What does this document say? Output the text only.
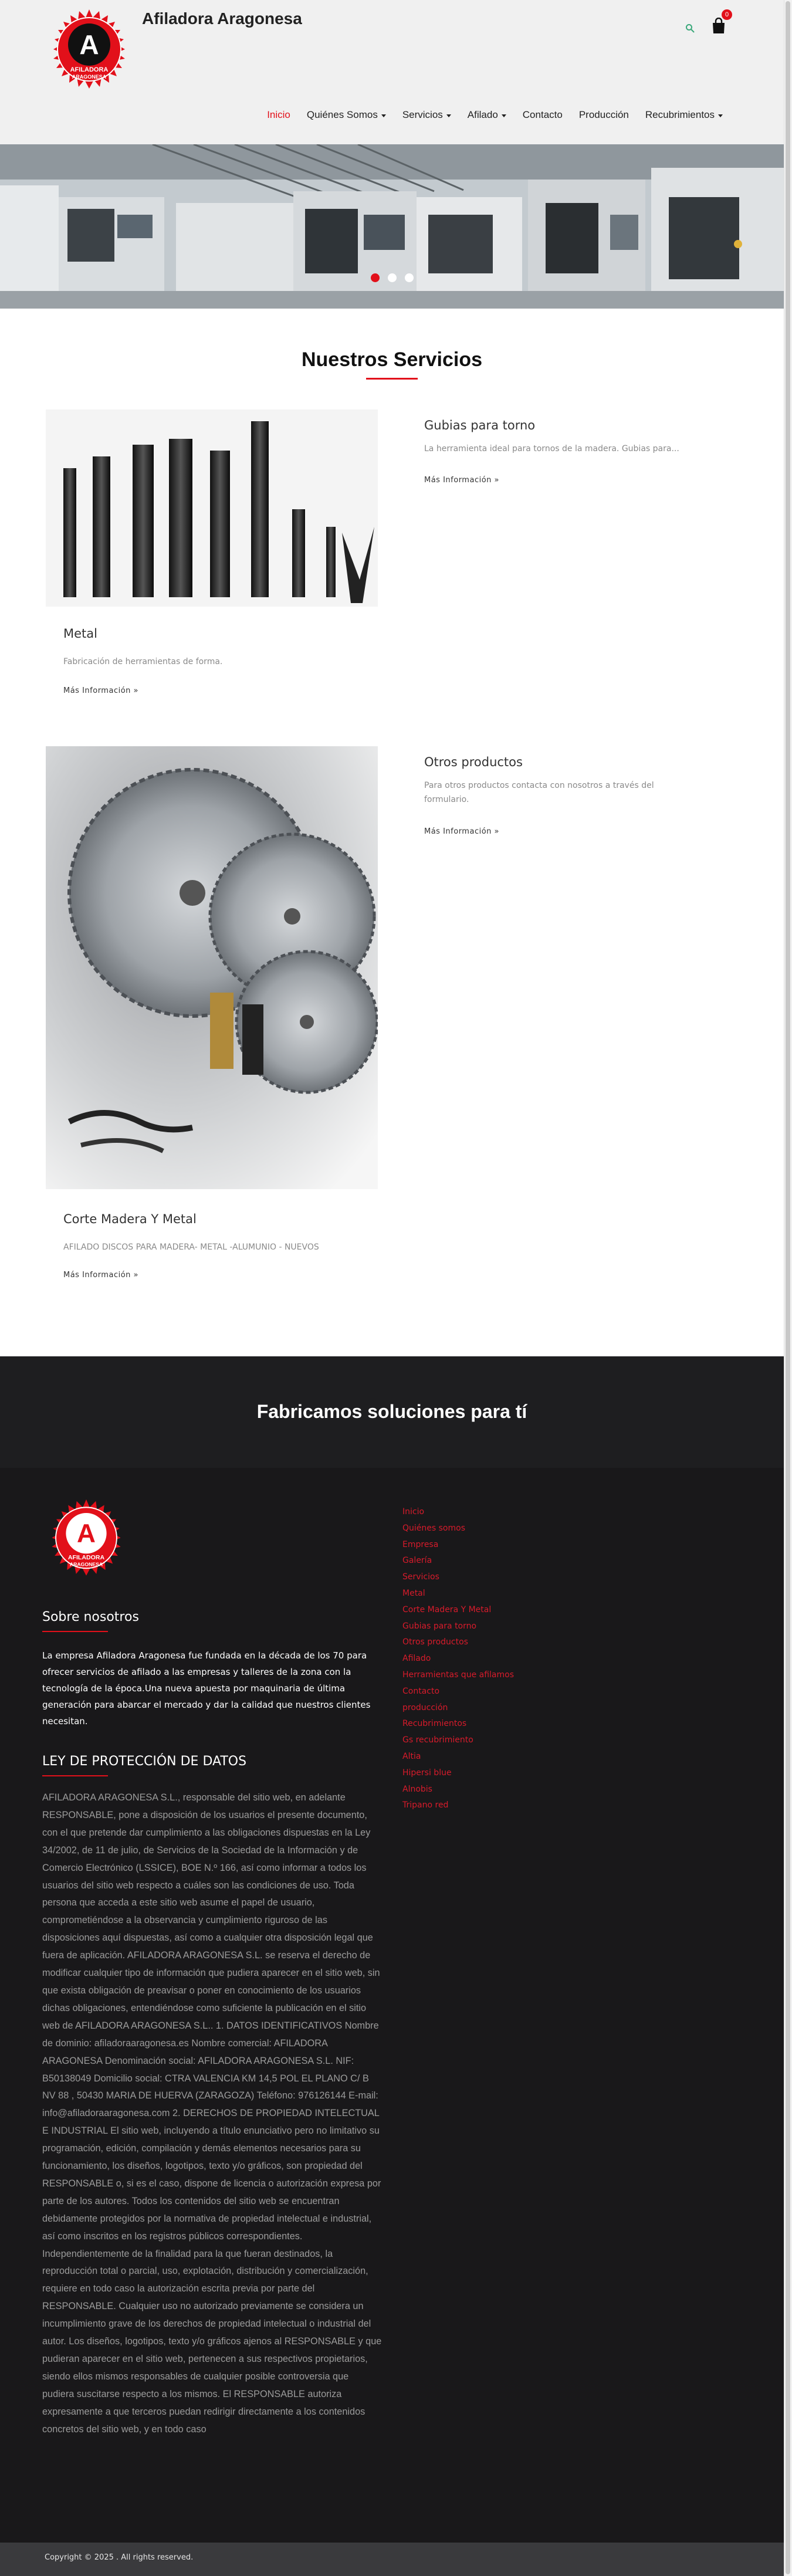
A
AFILADORA
ARAGONESA
Afiladora Aragonesa	0
Inicio Quiénes Somos Servicios Afilado Contacto Producción Recubrimientos
Nuestros Servicios
Metal
Fabricación de herramientas de forma.
Más Información »
Gubias para torno
La herramienta ideal para tornos de la madera. Gubias para...
Más Información »
Corte Madera Y Metal
AFILADO DISCOS PARA MADERA- METAL -ALUMUNIO - NUEVOS
Más Información »
Otros productos
Para otros productos contacta con nosotros a través del formulario.
Más Información »
Fabricamos soluciones para tí
A
AFILADORA
ARAGONESA
Sobre nosotros
La empresa Afiladora Aragonesa fue fundada en la década de los 70 para ofrecer servicios de afilado a las empresas y talleres de la zona con la tecnología de la época.Una nueva apuesta por maquinaria de última generación para abarcar el mercado y dar la calidad que nuestros clientes necesitan.
LEY DE PROTECCIÓN DE DATOS
AFILADORA ARAGONESA S.L., responsable del sitio web, en adelante RESPONSABLE, pone a disposición de los usuarios el presente documento, con el que pretende dar cumplimiento a las obligaciones dispuestas en la Ley 34/2002, de 11 de julio, de Servicios de la Sociedad de la Información y de Comercio Electrónico (LSSICE), BOE N.º 166, así como informar a todos los usuarios del sitio web respecto a cuáles son las condiciones de uso. Toda persona que acceda a este sitio web asume el papel de usuario, comprometiéndose a la observancia y cumplimiento riguroso de las disposiciones aquí dispuestas, así como a cualquier otra disposición legal que fuera de aplicación. AFILADORA ARAGONESA S.L. se reserva el derecho de modificar cualquier tipo de información que pudiera aparecer en el sitio web, sin que exista obligación de preavisar o poner en conocimiento de los usuarios dichas obligaciones, entendiéndose como suficiente la publicación en el sitio web de AFILADORA ARAGONESA S.L.. 1. DATOS IDENTIFICATIVOS Nombre de dominio: afiladoraaragonesa.es Nombre comercial: AFILADORA ARAGONESA Denominación social: AFILADORA ARAGONESA S.L. NIF: B50138049 Domicilio social: CTRA VALENCIA KM 14,5 POL EL PLANO C/ B NV 88 , 50430 MARIA DE HUERVA (ZARAGOZA) Teléfono: 976126144 E-mail: info@afiladoraaragonesa.com 2. DERECHOS DE PROPIEDAD INTELECTUAL E INDUSTRIAL El sitio web, incluyendo a título enunciativo pero no limitativo su programación, edición, compilación y demás elementos necesarios para su funcionamiento, los diseños, logotipos, texto y/o gráficos, son propiedad del RESPONSABLE o, si es el caso, dispone de licencia o autorización expresa por parte de los autores. Todos los contenidos del sitio web se encuentran debidamente protegidos por la normativa de propiedad intelectual e industrial, así como inscritos en los registros públicos correspondientes. Independientemente de la finalidad para la que fueran destinados, la reproducción total o parcial, uso, explotación, distribución y comercialización, requiere en todo caso la autorización escrita previa por parte del RESPONSABLE. Cualquier uso no autorizado previamente se considera un incumplimiento grave de los derechos de propiedad intelectual o industrial del autor. Los diseños, logotipos, texto y/o gráficos ajenos al RESPONSABLE y que pudieran aparecer en el sitio web, pertenecen a sus respectivos propietarios, siendo ellos mismos responsables de cualquier posible controversia que pudiera suscitarse respecto a los mismos. El RESPONSABLE autoriza expresamente a que terceros puedan redirigir directamente a los contenidos concretos del sitio web, y en todo caso
Inicio
Quiénes somos
Empresa
Galería
Servicios
Metal
Corte Madera Y Metal
Gubias para torno
Otros productos
Afilado
Herramientas que afilamos
Contacto
producción
Recubrimientos
Gs recubrimiento
Altia
Hipersi blue
Alnobis
Tripano red
Copyright © 2025 . All rights reserved.
